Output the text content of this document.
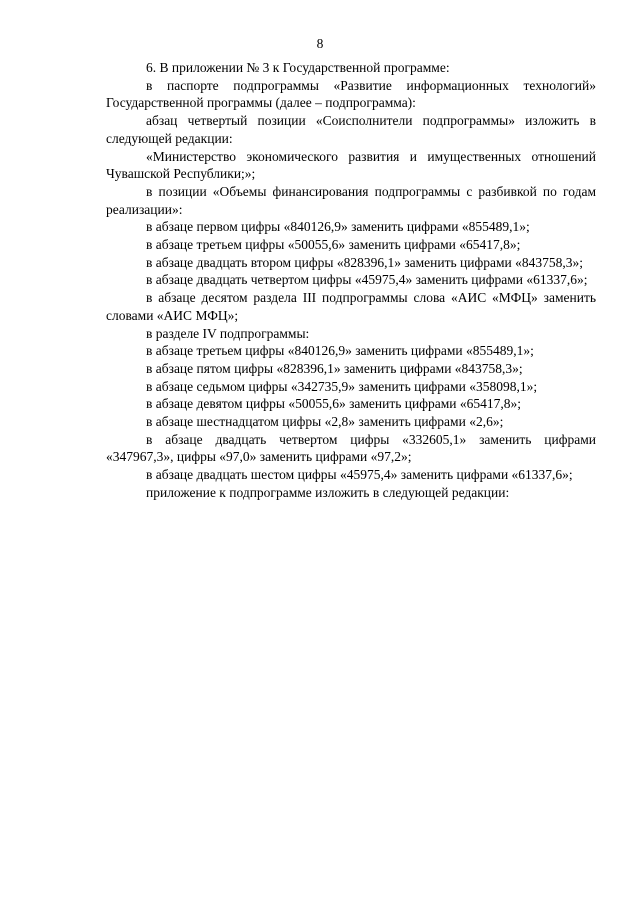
8

6. В приложении № 3 к Государственной программе:

в паспорте подпрограммы «Развитие информационных технологий» Государственной программы (далее – подпрограмма):

абзац четвертый позиции «Соисполнители подпрограммы» изложить в следующей редакции:

«Министерство экономического развития и имущественных отношений Чувашской Республики;»;

в позиции «Объемы финансирования подпрограммы с разбивкой по годам реализации»:

в абзаце первом цифры «840126,9» заменить цифрами «855489,1»;

в абзаце третьем цифры «50055,6» заменить цифрами «65417,8»;

в абзаце двадцать втором цифры «828396,1» заменить цифрами «843758,3»;

в абзаце двадцать четвертом цифры «45975,4» заменить цифрами «61337,6»;

в абзаце десятом раздела III подпрограммы слова «АИС «МФЦ» заменить словами «АИС МФЦ»;

в разделе IV подпрограммы:

в абзаце третьем цифры «840126,9» заменить цифрами «855489,1»;

в абзаце пятом цифры «828396,1» заменить цифрами «843758,3»;

в абзаце седьмом цифры «342735,9» заменить цифрами «358098,1»;

в абзаце девятом цифры «50055,6» заменить цифрами «65417,8»;

в абзаце шестнадцатом цифры «2,8» заменить цифрами «2,6»;

в абзаце двадцать четвертом цифры «332605,1» заменить цифрами «347967,3», цифры «97,0» заменить цифрами «97,2»;

в абзаце двадцать шестом цифры «45975,4» заменить цифрами «61337,6»;

приложение к подпрограмме изложить в следующей редакции:
